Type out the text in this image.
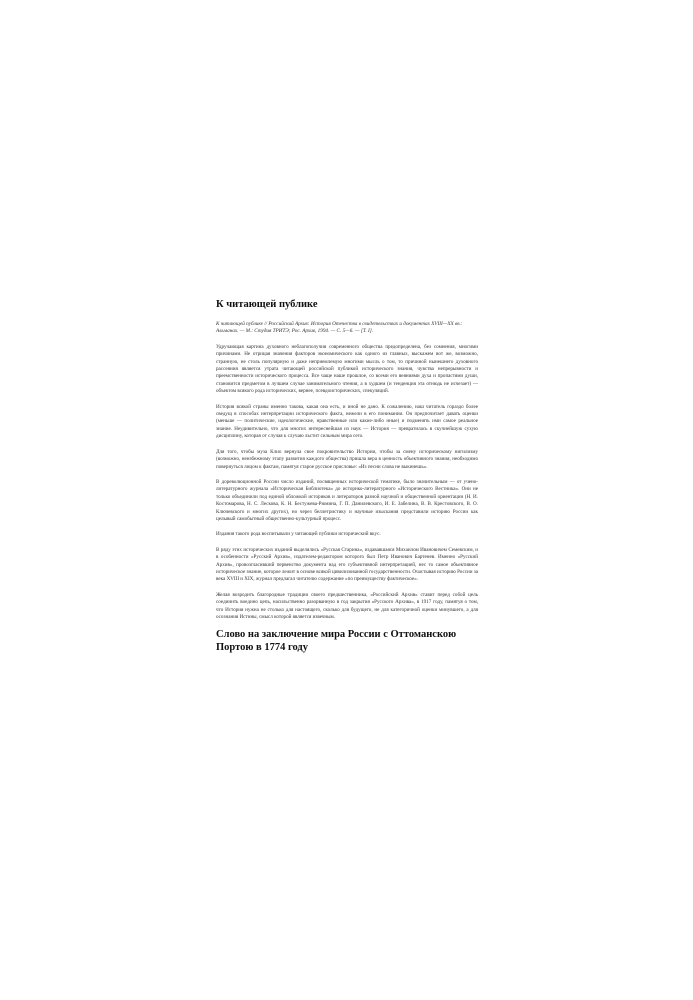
К читающей публике
К читающей публике // Российский Архив: История Отечества в свидетельствах и документах XVIII—XX вв.: Альманах. — М.: Студия ТРИТЭ; Рос. Архив, 1994. — С. 5—6. — [Т. I].
Удручающая картина духовного неблагополучия современного общества предопределена, без сомнения, многими причинами. Не отрицая значения факторов экономического как одного из главных, выскажем вот же, возможно, странную, не столь популярную и даже неприемлемую многими мысль о том, то причиной нынешнего духовного рассеяния является утрата читающей российской публикой исторического знания, чувства непрерывности и преемственности исторического процесса. Все чаще наше прошлое, со всеми его веяниями духа и пропастями души, становится предметом в лучшем случае занимательного чтения, а в худшем (и тенденция эта отнюдь не исчезает) — объектом всякого рода исторических, вернее, псевдоисторических, спекуляций.
История всякой страны именно такова, какая она есть, и иной не дано. К сожалению, наш читатель гораздо более сведущ в способах интерпретации исторического факта, нежели в его понимании. Он предпочитает давать оценки (меньше — политические, идеологические, нравственные или какие-либо иные) и подменять ими самое реальное знание. Неудивительно, что для многих интереснейшая из наук — История — превратилась в скучнейшую сухую дисциплину, которая от случая к случаю льстит сильным мира сего.
Для того, чтобы муза Клио вернула свое покровительство Истории, чтобы за смену историческому нигилизму (возможно, неизбежному этапу развития каждого общества) пришла вера в ценность объективного знания, необходимо повернуться лицом к фактам, памятуя старое русское присловье: «Из песни слова не выкинешь».
В дореволюционной России число изданий, посвященных исторической тематике, было значительным — от учено-литературного журнала «Историческая Библиотека» до историко-литературного «Исторического Вестника». Они не только объединили под единой обложкой историков и литераторов разной научной и общественной ориентации (Н. И. Костомарова, Н. С. Лескова, К. Н. Бестужева-Рюмина, Г. П. Данилевского, И. Е. Забелина, В. В. Крестовского, В. О. Ключевского и многих других), но через беллетристику и научные изыскания представили историю России как целывый самобытный общественно-культурный процесс.
Издания такого рода воспитывали у читающей публики исторический вкус.
В ряду этих исторических изданий выделялись «Русская Старина», издававшаяся Михаилом Ивановичем Семевским, и в особенности «Русский Архив», издателем-редактором которого был Петр Иванович Бартенев. Именно «Русский Архив», провозгласивший первенство документа над его субъективной интерпретацией, нес то самое объективное историческое знание, которое лежит в основе всякой цивилизованной государственности. Очастывая историю России за века XVIII и XIX, журнал предлагал читателю содержание «по преимуществу фактическое».
Желая возродить благородные традиции своего предшественника, «Российский Архив» ставит перед собой цель соединить воедино цепь, насильственно разорванную в год закрытия «Русского Архива», в 1917 году, памятуя о том, что История нужна не столько для настоящего, сколько для будущего, не для категоричной оценки минувшего, а для осознания Истины, смысл которой является извечным.
Слово на заключение мира России с Оттоманскою Портою в 1774 году
